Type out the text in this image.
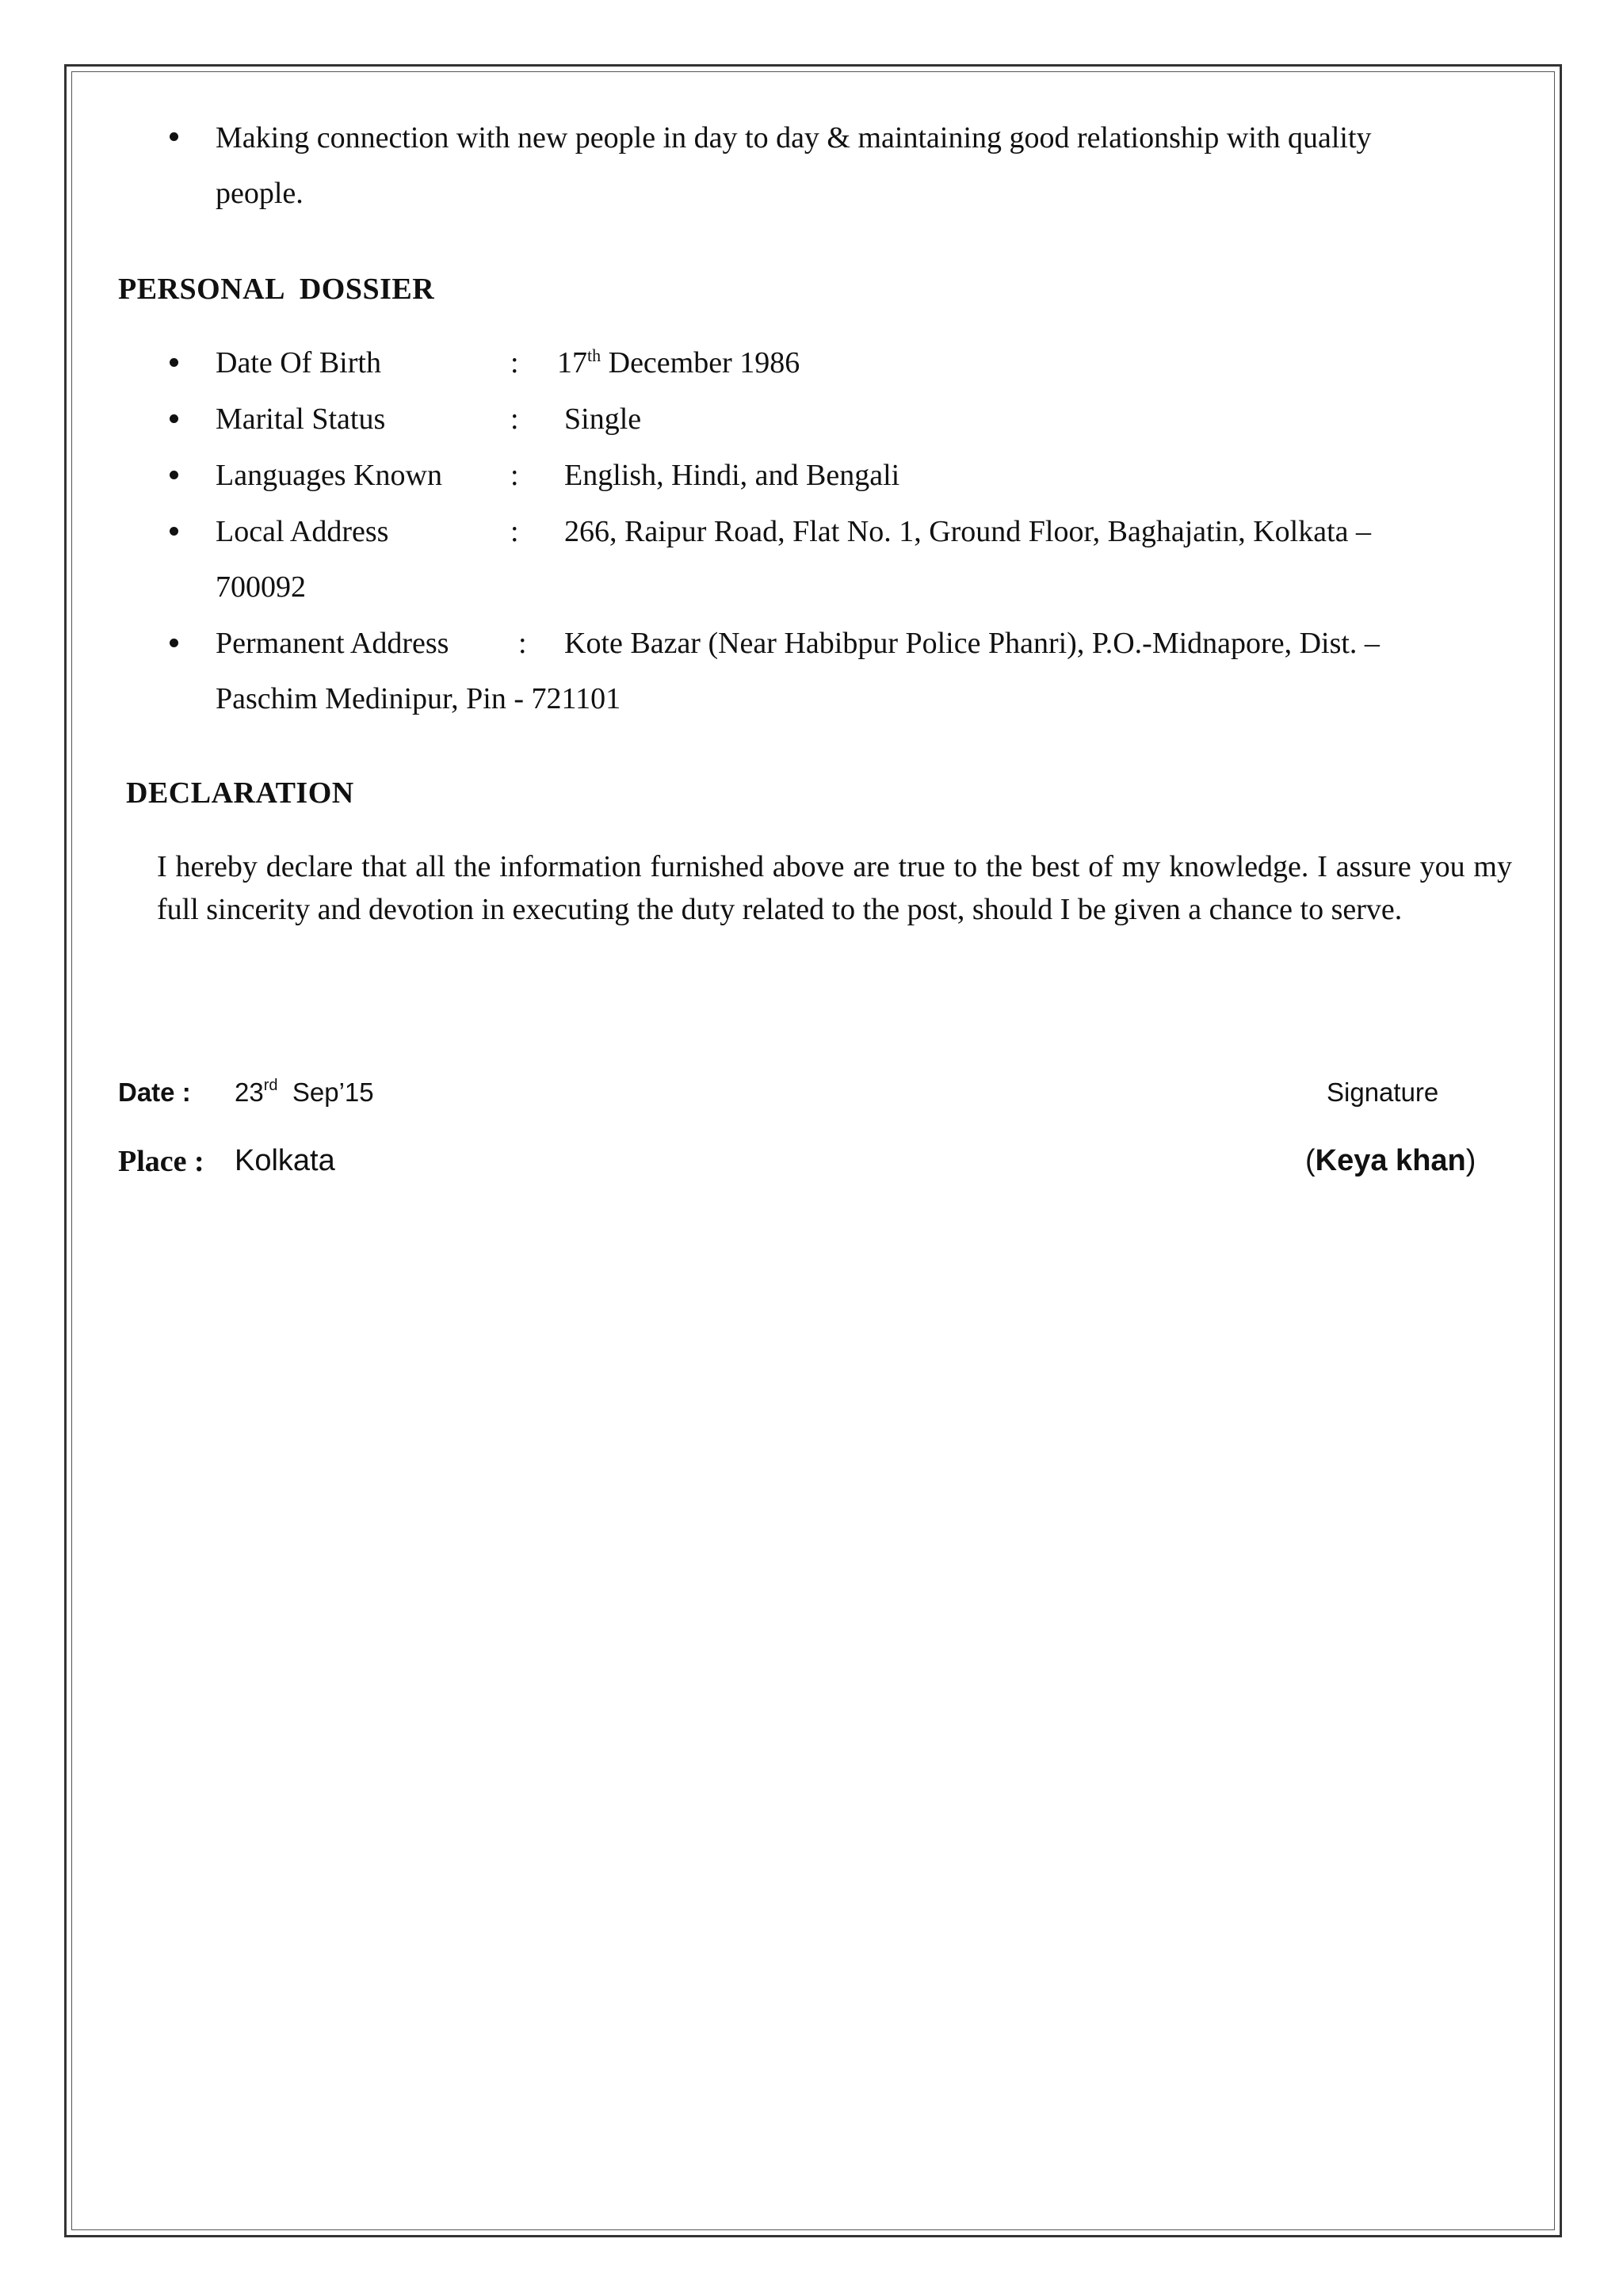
Making connection with new people in day to day & maintaining good relationship with quality
people.
PERSONAL  DOSSIER
Date Of Birth	: 17th December 1986
Marital Status	: Single
Languages Known : English, Hindi, and Bengali
Local Address	: 266, Raipur Road, Flat No. 1, Ground Floor, Baghajatin, Kolkata –
700092
Permanent Address : Kote Bazar (Near Habibpur Police Phanri), P.O.-Midnapore, Dist. –
Paschim Medinipur, Pin - 721101
DECLARATION
I hereby declare that all the information furnished above are true to the best of my knowledge. I assure you my full sincerity and devotion in executing the duty related to the post, should I be given a chance to serve.
Date : 23rd  Sep’15	Signature
Place : Kolkata	(Keya khan)
